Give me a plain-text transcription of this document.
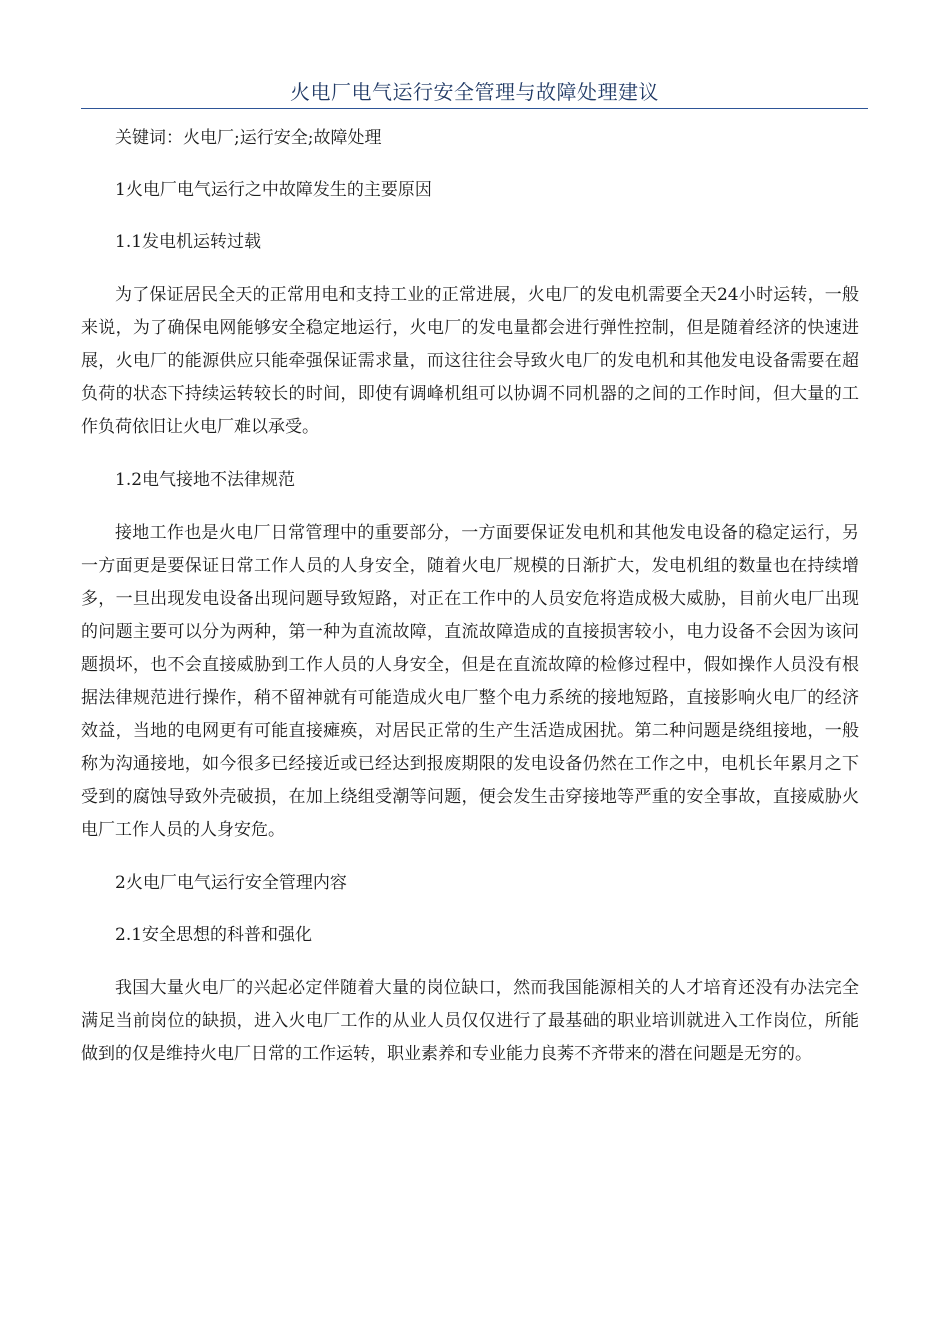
火电厂电气运行安全管理与故障处理建议
关键词：火电厂;运行安全;故障处理
1火电厂电气运行之中故障发生的主要原因
1.1发电机运转过载

为了保证居民全天的正常用电和支持工业的正常进展，火电厂的发电机需要全天24小时运转，一般来说，为了确保电网能够安全稳定地运行，火电厂的发电量都会进行弹性控制，但是随着经济的快速进展，火电厂的能源供应只能牵强保证需求量，而这往往会导致火电厂的发电机和其他发电设备需要在超负荷的状态下持续运转较长的时间，即使有调峰机组可以协调不同机器的之间的工作时间，但大量的工作负荷依旧让火电厂难以承受。

1.2电气接地不法律规范

接地工作也是火电厂日常管理中的重要部分，一方面要保证发电机和其他发电设备的稳定运行，另一方面更是要保证日常工作人员的人身安全，随着火电厂规模的日渐扩大，发电机组的数量也在持续增多，一旦出现发电设备出现问题导致短路，对正在工作中的人员安危将造成极大威胁，目前火电厂出现的问题主要可以分为两种，第一种为直流故障，直流故障造成的直接损害较小，电力设备不会因为该问题损坏，也不会直接威胁到工作人员的人身安全，但是在直流故障的检修过程中，假如操作人员没有根据法律规范进行操作，稍不留神就有可能造成火电厂整个电力系统的接地短路，直接影响火电厂的经济效益，当地的电网更有可能直接瘫痪，对居民正常的生产生活造成困扰。第二种问题是绕组接地，一般称为沟通接地，如今很多已经接近或已经达到报废期限的发电设备仍然在工作之中，电机长年累月之下受到的腐蚀导致外壳破损，在加上绕组受潮等问题，便会发生击穿接地等严重的安全事故，直接威胁火电厂工作人员的人身安危。

2火电厂电气运行安全管理内容
2.1安全思想的科普和强化

我国大量火电厂的兴起必定伴随着大量的岗位缺口，然而我国能源相关的人才培育还没有办法完全满足当前岗位的缺损，进入火电厂工作的从业人员仅仅进行了最基础的职业培训就进入工作岗位，所能做到的仅是维持火电厂日常的工作运转，职业素养和专业能力良莠不齐带来的潜在问题是无穷的。
